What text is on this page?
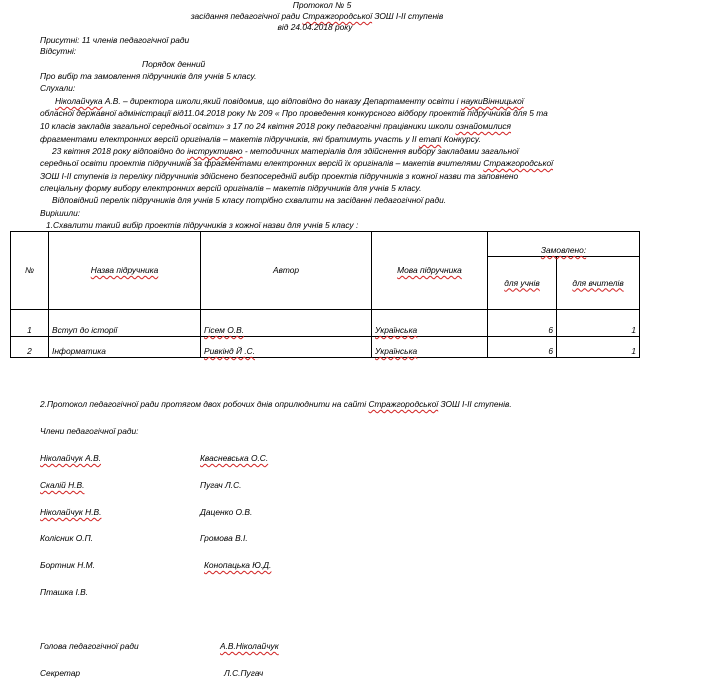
Протокол № 5
засідання педагогічної ради Стражгородської ЗОШ І-ІІ ступенів
від 24.04.2018 року
Присутні: 11 членів педагогічної ради
Відсутні:
Порядок денний
Про вибір та замовлення підручників для учнів 5 класу.
Слухали:
Ніколайчука А.В. – директора школи,який повідомив, що відповідно до наказу Департаменту освіти і наукиВінницької
обласної державної адміністрації від11.04.2018 року № 209 « Про проведення конкурсного відбору проектів підручників для 5 та
10 класів закладів загальної середньої освіти» з 17 по 24 квітня 2018 року педагогічні працівники школи ознайомилися
фрагментами електронних версій оригіналів – макетів підручників, які братимуть участь у ІІ етапі Конкурсу.
23 квітня 2018 року відповідно до інструктивно - методичних матеріалів для здійснення вибору закладами загальної
середньої освіти проектів підручників за фрагментами електронних версій їх оригіналів – макетів вчителями Стражгородської
ЗОШ І-ІІ ступенів із переліку підручників здійснено безпосередній вибір проектів підручників з кожної назви та заповнено
спеціальну форму вибору електронних версій оригіналів – макетів підручників для учнів 5 класу.
Відповідний перелік підручників для учнів 5 класу потрібно схвалити на засіданні педагогічної ради.
Вирішили:
1.Схвалити такий вибір проектів підручників з кожної назви для учнів 5 класу :
№	Назва підручника	Автор	Мова підручника	Замовлено:	
				для учнів	для вчителів
1	Вступ до історії	Гісем О.В.	Українська	6	1
2	Інформатика	Ривкінд Й .С.	Українська	6	1
2.Протокол педагогічної ради протягом двох робочих днів оприлюднити на сайті Стражгородської ЗОШ І-ІІ ступенів.
Члени педагогічної ради:
Ніколайчук А.В.	Квасневська О.С.
Скалій Н.В.	Пугач Л.С.
Ніколайчук Н.В.	Даценко О.В.
Колісник О.П.	Громова В.І.
Бортник Н.М.	Конопацька Ю.Д.
Пташка І.В.
Голова педагогічної ради	А.В.Ніколайчук
Секретар	Л.С.Пугач
